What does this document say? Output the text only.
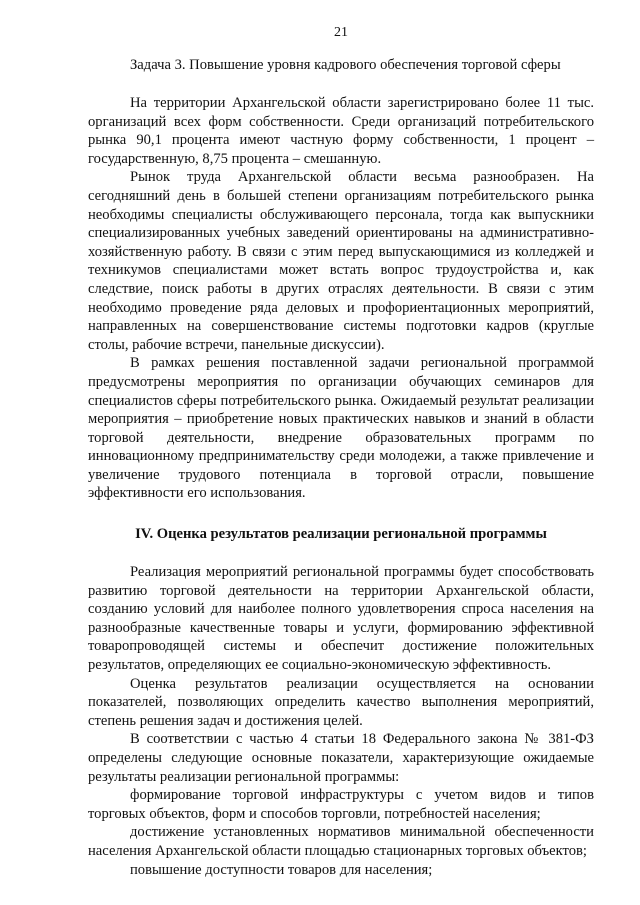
21
Задача 3. Повышение уровня кадрового обеспечения торговой сферы

На территории Архангельской области зарегистрировано более 11 тыс. организаций всех форм собственности. Среди организаций потребительского рынка 90,1 процента имеют частную форму собственности, 1 процент – государственную, 8,75 процента – смешанную.

Рынок труда Архангельской области весьма разнообразен. На сегодняшний день в большей степени организациям потребительского рынка необходимы специалисты обслуживающего персонала, тогда как выпускники специализированных учебных заведений ориентированы на административно-хозяйственную работу. В связи с этим перед выпускающимися из колледжей и техникумов специалистами может встать вопрос трудоустройства и, как следствие, поиск работы в других отраслях деятельности. В связи с этим необходимо проведение ряда деловых и профориентационных мероприятий, направленных на совершенствование системы подготовки кадров (круглые столы, рабочие встречи, панельные дискуссии).

В рамках решения поставленной задачи региональной программой предусмотрены мероприятия по организации обучающих семинаров для специалистов сферы потребительского рынка. Ожидаемый результат реализации мероприятия – приобретение новых практических навыков и знаний в области торговой деятельности, внедрение образовательных программ по инновационному предпринимательству среди молодежи, а также привлечение и увеличение трудового потенциала в торговой отрасли, повышение эффективности его использования.

IV. Оценка результатов реализации региональной программы

Реализация мероприятий региональной программы будет способствовать развитию торговой деятельности на территории Архангельской области, созданию условий для наиболее полного удовлетворения спроса населения на разнообразные качественные товары и услуги, формированию эффективной товаропроводящей системы и обеспечит достижение положительных результатов, определяющих ее социально-экономическую эффективность.

Оценка результатов реализации осуществляется на основании показателей, позволяющих определить качество выполнения мероприятий, степень решения задач и достижения целей.

В соответствии с частью 4 статьи 18 Федерального закона № 381-ФЗ определены следующие основные показатели, характеризующие ожидаемые результаты реализации региональной программы:

формирование торговой инфраструктуры с учетом видов и типов торговых объектов, форм и способов торговли, потребностей населения;

достижение установленных нормативов минимальной обеспеченности населения Архангельской области площадью стационарных торговых объектов;

повышение доступности товаров для населения;
